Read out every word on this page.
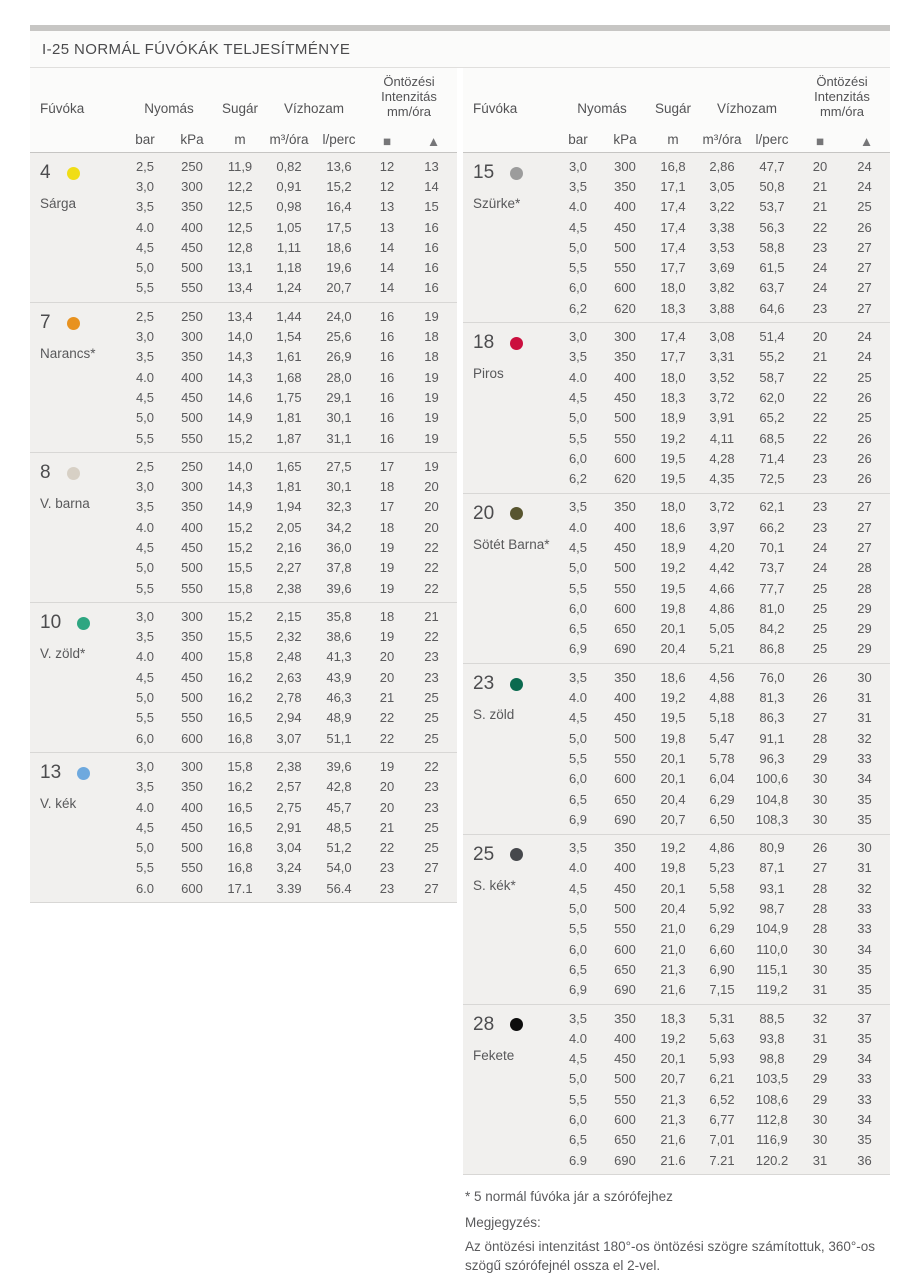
I-25 NORMÁL FÚVÓKÁK TELJESÍTMÉNYE
Fúvóka	Nyomás	Sugár	Vízhozam
Öntözési
Intenzitás
mm/óra
bar	kPa	m	m³/óra	l/perc	■	▲
4
Sárga
2,5	250	11,9	0,82	13,6	12	13
3,0	300	12,2	0,91	15,2	12	14
3,5	350	12,5	0,98	16,4	13	15
4.0	400	12,5	1,05	17,5	13	16
4,5	450	12,8	1,11	18,6	14	16
5,0	500	13,1	1,18	19,6	14	16
5,5	550	13,4	1,24	20,7	14	16
7
Narancs*
2,5	250	13,4	1,44	24,0	16	19
3,0	300	14,0	1,54	25,6	16	18
3,5	350	14,3	1,61	26,9	16	18
4.0	400	14,3	1,68	28,0	16	19
4,5	450	14,6	1,75	29,1	16	19
5,0	500	14,9	1,81	30,1	16	19
5,5	550	15,2	1,87	31,1	16	19
8
V. barna
2,5	250	14,0	1,65	27,5	17	19
3,0	300	14,3	1,81	30,1	18	20
3,5	350	14,9	1,94	32,3	17	20
4.0	400	15,2	2,05	34,2	18	20
4,5	450	15,2	2,16	36,0	19	22
5,0	500	15,5	2,27	37,8	19	22
5,5	550	15,8	2,38	39,6	19	22
10
V. zöld*
3,0	300	15,2	2,15	35,8	18	21
3,5	350	15,5	2,32	38,6	19	22
4.0	400	15,8	2,48	41,3	20	23
4,5	450	16,2	2,63	43,9	20	23
5,0	500	16,2	2,78	46,3	21	25
5,5	550	16,5	2,94	48,9	22	25
6,0	600	16,8	3,07	51,1	22	25
13
V. kék
3,0	300	15,8	2,38	39,6	19	22
3,5	350	16,2	2,57	42,8	20	23
4.0	400	16,5	2,75	45,7	20	23
4,5	450	16,5	2,91	48,5	21	25
5,0	500	16,8	3,04	51,2	22	25
5,5	550	16,8	3,24	54,0	23	27
6.0	600	17.1	3.39	56.4	23	27
Fúvóka	Nyomás	Sugár	Vízhozam
Öntözési
Intenzitás
mm/óra
bar	kPa	m	m³/óra	l/perc	■	▲
15
Szürke*
3,0	300	16,8	2,86	47,7	20	24
3,5	350	17,1	3,05	50,8	21	24
4.0	400	17,4	3,22	53,7	21	25
4,5	450	17,4	3,38	56,3	22	26
5,0	500	17,4	3,53	58,8	23	27
5,5	550	17,7	3,69	61,5	24	27
6,0	600	18,0	3,82	63,7	24	27
6,2	620	18,3	3,88	64,6	23	27
18
Piros
3,0	300	17,4	3,08	51,4	20	24
3,5	350	17,7	3,31	55,2	21	24
4.0	400	18,0	3,52	58,7	22	25
4,5	450	18,3	3,72	62,0	22	26
5,0	500	18,9	3,91	65,2	22	25
5,5	550	19,2	4,11	68,5	22	26
6,0	600	19,5	4,28	71,4	23	26
6,2	620	19,5	4,35	72,5	23	26
20
Sötét Barna*
3,5	350	18,0	3,72	62,1	23	27
4.0	400	18,6	3,97	66,2	23	27
4,5	450	18,9	4,20	70,1	24	27
5,0	500	19,2	4,42	73,7	24	28
5,5	550	19,5	4,66	77,7	25	28
6,0	600	19,8	4,86	81,0	25	29
6,5	650	20,1	5,05	84,2	25	29
6,9	690	20,4	5,21	86,8	25	29
23
S. zöld
3,5	350	18,6	4,56	76,0	26	30
4.0	400	19,2	4,88	81,3	26	31
4,5	450	19,5	5,18	86,3	27	31
5,0	500	19,8	5,47	91,1	28	32
5,5	550	20,1	5,78	96,3	29	33
6,0	600	20,1	6,04	100,6	30	34
6,5	650	20,4	6,29	104,8	30	35
6,9	690	20,7	6,50	108,3	30	35
25
S. kék*
3,5	350	19,2	4,86	80,9	26	30
4.0	400	19,8	5,23	87,1	27	31
4,5	450	20,1	5,58	93,1	28	32
5,0	500	20,4	5,92	98,7	28	33
5,5	550	21,0	6,29	104,9	28	33
6,0	600	21,0	6,60	110,0	30	34
6,5	650	21,3	6,90	115,1	30	35
6,9	690	21,6	7,15	119,2	31	35
28
Fekete
3,5	350	18,3	5,31	88,5	32	37
4.0	400	19,2	5,63	93,8	31	35
4,5	450	20,1	5,93	98,8	29	34
5,0	500	20,7	6,21	103,5	29	33
5,5	550	21,3	6,52	108,6	29	33
6,0	600	21,3	6,77	112,8	30	34
6,5	650	21,6	7,01	116,9	30	35
6.9	690	21.6	7.21	120.2	31	36
* 5 normál fúvóka jár a szórófejhez
Megjegyzés:
Az öntözési intenzitást 180°-os öntözési szögre számítottuk, 360°-os szögű szórófejnél ossza el 2-vel.
